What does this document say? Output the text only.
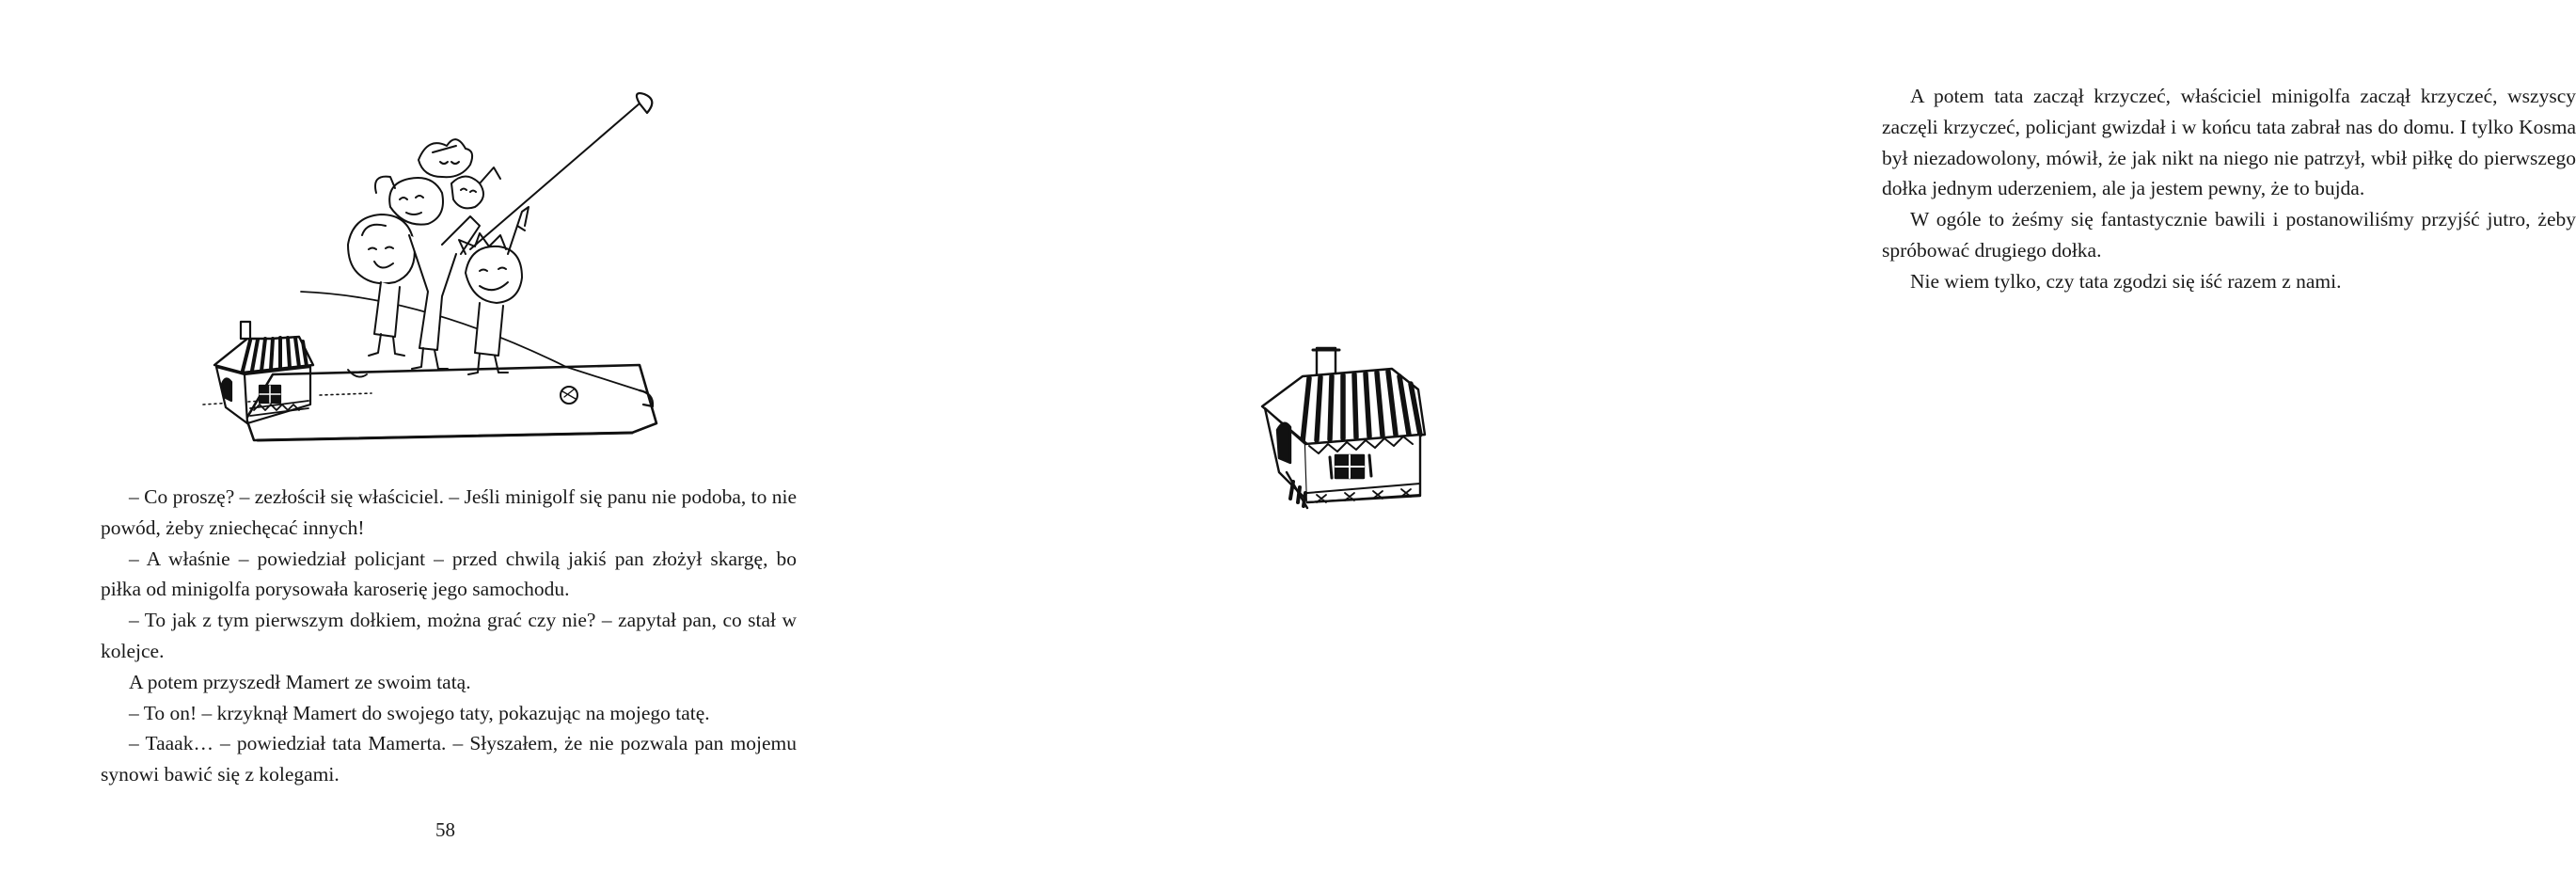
– Co proszę? – zezłościł się właściciel. – Jeśli minigolf się panu nie podoba, to nie powód, żeby zniechęcać innych!

– A właśnie – powiedział policjant – przed chwilą jakiś pan złożył skargę, bo piłka od minigolfa porysowała karoserię jego samochodu.

– To jak z tym pierwszym dołkiem, można grać czy nie? – zapytał pan, co stał w kolejce.

A potem przyszedł Mamert ze swoim tatą.

– To on! – krzyknął Mamert do swojego taty, pokazując na mojego tatę.

– Taaak… – powiedział tata Mamerta. – Słyszałem, że nie pozwala pan mojemu synowi bawić się z kolegami.

58

A potem tata zaczął krzyczeć, właściciel minigolfa zaczął krzyczeć, wszyscy zaczęli krzyczeć, policjant gwizdał i w końcu tata zabrał nas do domu. I tylko Kosma był niezadowolony, mówił, że jak nikt na niego nie patrzył, wbił piłkę do pierwszego dołka jednym uderzeniem, ale ja jestem pewny, że to bujda.

W ogóle to żeśmy się fantastycznie bawili i postanowiliśmy przyjść jutro, żeby spróbować drugiego dołka.

Nie wiem tylko, czy tata zgodzi się iść razem z nami.
